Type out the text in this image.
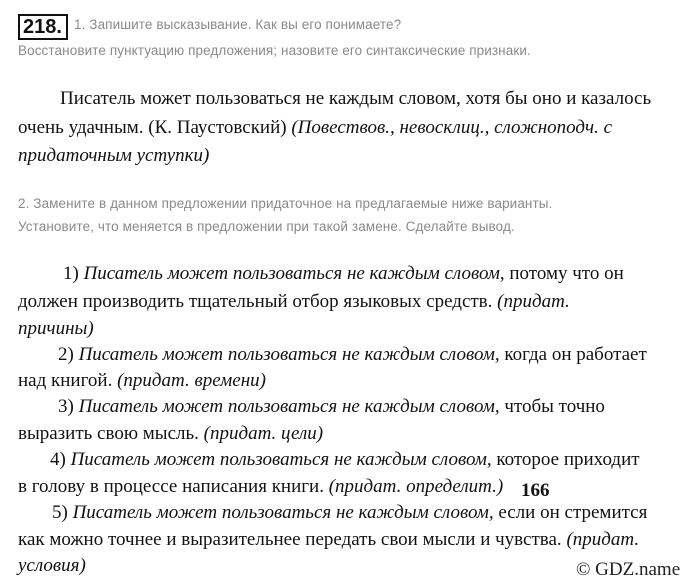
218. 1. Запишите высказывание. Как вы его понимаете?
Восстановите пунктуацию предложения; назовите его синтаксические признаки.
Писатель может пользоваться не каждым словом, хотя бы оно и казалось
очень удачным. (К. Паустовский) (Повествов., невосклиц., сложноподч. с
придаточным уступки)
2. Замените в данном предложении придаточное на предлагаемые ниже варианты.
Установите, что меняется в предложении при такой замене. Сделайте вывод.
1) Писатель может пользоваться не каждым словом, потому что он
должен производить тщательный отбор языковых средств. (придат.
причины)
2) Писатель может пользоваться не каждым словом, когда он работает
над книгой. (придат. времени)
3) Писатель может пользоваться не каждым словом, чтобы точно
выразить свою мысль. (придат. цели)
4) Писатель может пользоваться не каждым словом, которое приходит
в голову в процессе написания книги. (придат. определит.) 166
5) Писатель может пользоваться не каждым словом, если он стремится
как можно точнее и выразительнее передать свои мысли и чувства. (придат.
условия)	© GDZ.name
